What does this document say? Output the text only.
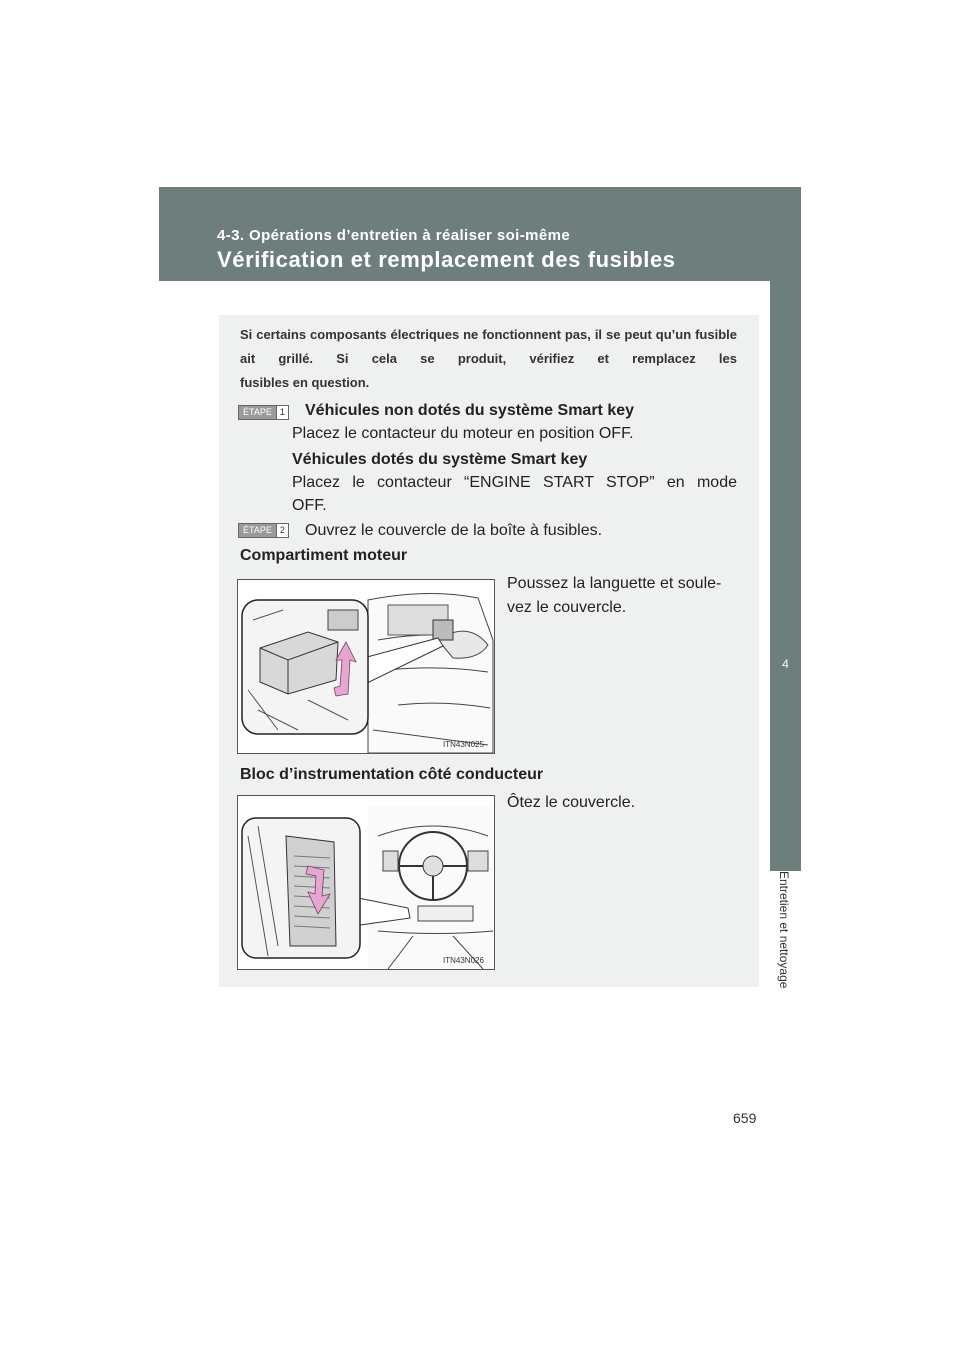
4-3. Opérations d’entretien à réaliser soi-même
Vérification et remplacement des fusibles
4
Entretien et nettoyage
Si certains composants électriques ne fonctionnent pas, il se peut qu’un fusible ait grillé. Si cela se produit, vérifiez et remplacez les
fusibles en question.
ÉTAPE 1 Véhicules non dotés du système Smart key
Placez le contacteur du moteur en position OFF.
Véhicules dotés du système Smart key
Placez le contacteur “ENGINE START STOP” en mode
OFF.
ÉTAPE 2 Ouvrez le couvercle de la boîte à fusibles.
Compartiment moteur
Poussez la languette et soule-
vez le couvercle.
ITN43N025
Bloc d’instrumentation côté conducteur
Ôtez le couvercle.
ITN43N026
659
